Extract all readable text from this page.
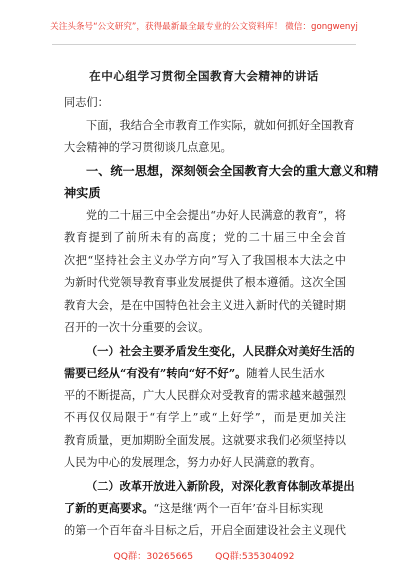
关注头条号“公文研究”，获得最新最全最专业的公文资料库！ 微信：gongwenyj
在中心组学习贯彻全国教育大会精神的讲话
同志们：
下面，我结合全市教育工作实际，就如何抓好全国教育
大会精神的学习贯彻谈几点意见。
一、统一思想，深刻领会全国教育大会的重大意义和精
神实质
党的二十届三中全会提出“办好人民满意的教育”，将
教育提到了前所未有的高度；党的二十届三中全会首
次把“坚持社会主义办学方向”写入了我国根本大法之中
为新时代党领导教育事业发展提供了根本遵循。这次全国
教育大会，是在中国特色社会主义进入新时代的关键时期
召开的一次十分重要的会议。
（一）社会主要矛盾发生变化，人民群众对美好生活的
需要已经从“有没有”转向“好不好”。随着人民生活水
平的不断提高，广大人民群众对受教育的需求越来越强烈
不再仅仅局限于“有学上”或“上好学”，而是更加关注
教育质量，更加期盼全面发展。这就要求我们必须坚持以
人民为中心的发展理念，努力办好人民满意的教育。
（二）改革开放进入新阶段，对深化教育体制改革提出
了新的更高要求。“这是继‘两个一百年’奋斗目标实现
的第一个百年奋斗目标之后，开启全面建设社会主义现代
QQ群：30265665 QQ群:535304092
